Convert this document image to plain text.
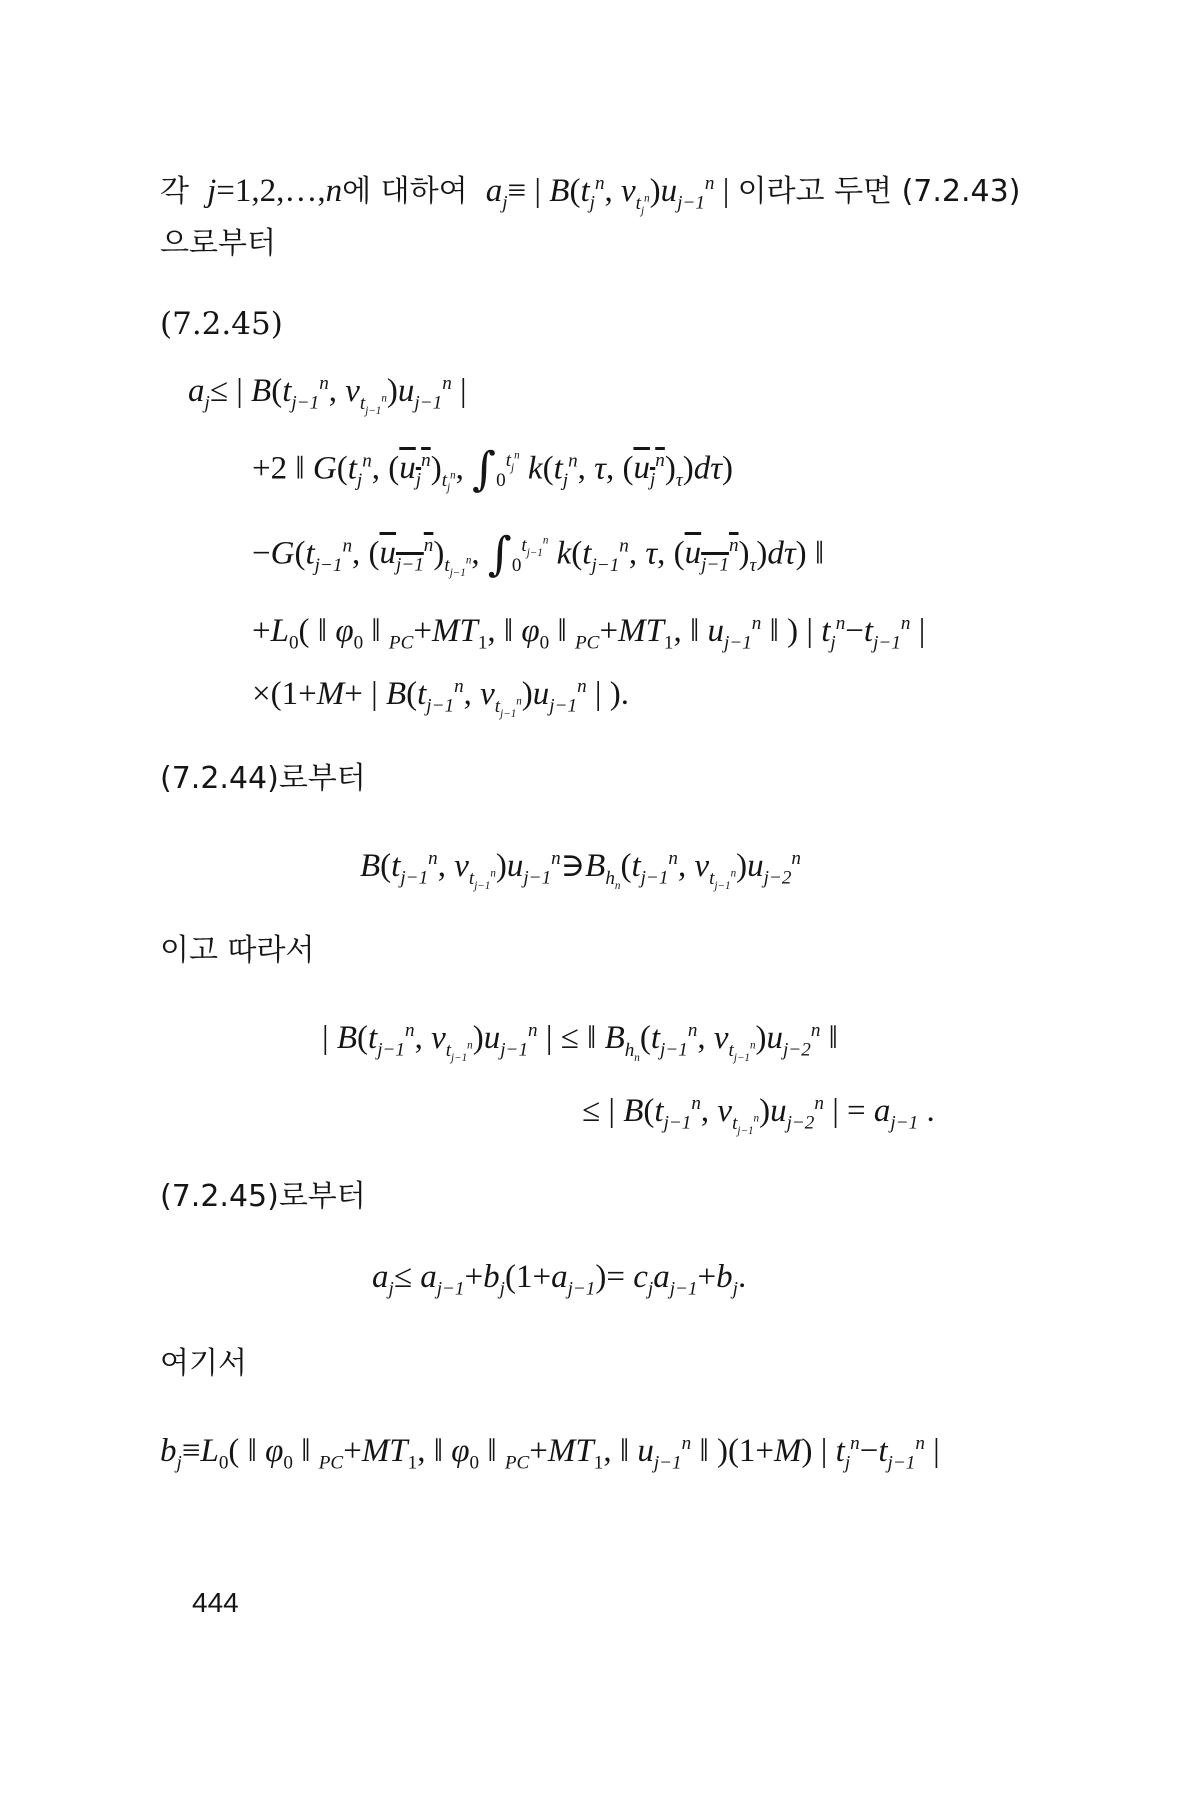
각  j=1,2,…,n에 대하여  $a_j\equiv$ | $B(t_j^n$, $v_{t_j^n})u_{j-1}^n$ | 이라고 두면 (7.2.43)
으로부터
(7.2.45)
$a_j\le$ | $B(t_{j-1}^n$, $v_{t_{j-1}^n})u_{j-1}^n$ |
+2 ‖ $G(t_j^n$, $(u_j^n)_{t_j^n}$, $\int_0^{t_j^n}$ $k(t_j^n$, τ, $(u_j^n)_\tau)d\tau$)
$-G(t_{j-1}^n$, $(u_{j-1}^n)_{t_{j-1}^n}$, $\int_0^{t_{j-1}^n}$ $k(t_{j-1}^n$, τ, $(u_{j-1}^n)_\tau)d\tau$) ‖
$+L_0$( ‖ $\varphi_0$ ‖ $_{PC}+MT_1$, ‖ $\varphi_0$ ‖ $_{PC}+MT_1$, ‖ $u_{j-1}^n$ ‖ ) | $t_j^n-t_{j-1}^n$ |
×(1+M+ | $B(t_{j-1}^n$, $v_{t_{j-1}^n})u_{j-1}^n$ | ).
(7.2.44)로부터
$B(t_{j-1}^n$, $v_{t_{j-1}^n})u_{j-1}^n∋B_{h_n}(t_{j-1}^n$, $v_{t_{j-1}^n})u_{j-2}^n$
이고 따라서
| $B(t_{j-1}^n$, $v_{t_{j-1}^n})u_{j-1}^n$ | ≤ ‖ $B_{h_n}(t_{j-1}^n$, $v_{t_{j-1}^n})u_{j-2}^n$ ‖
≤ | $B(t_{j-1}^n$, $v_{t_{j-1}^n})u_{j-2}^n$ | = $a_{j-1}$ .
(7.2.45)로부터
$a_j\le a_{j-1}+b_j(1+a_{j-1})= c_ja_{j-1}+b_j$.
여기서
$b_j\equiv L_0$( ‖ $\varphi_0$ ‖ $_{PC}+MT_1$, ‖ $\varphi_0$ ‖ $_{PC}+MT_1$, ‖ $u_{j-1}^n$ ‖ )(1+M) | $t_j^n-t_{j-1}^n$ |
444
